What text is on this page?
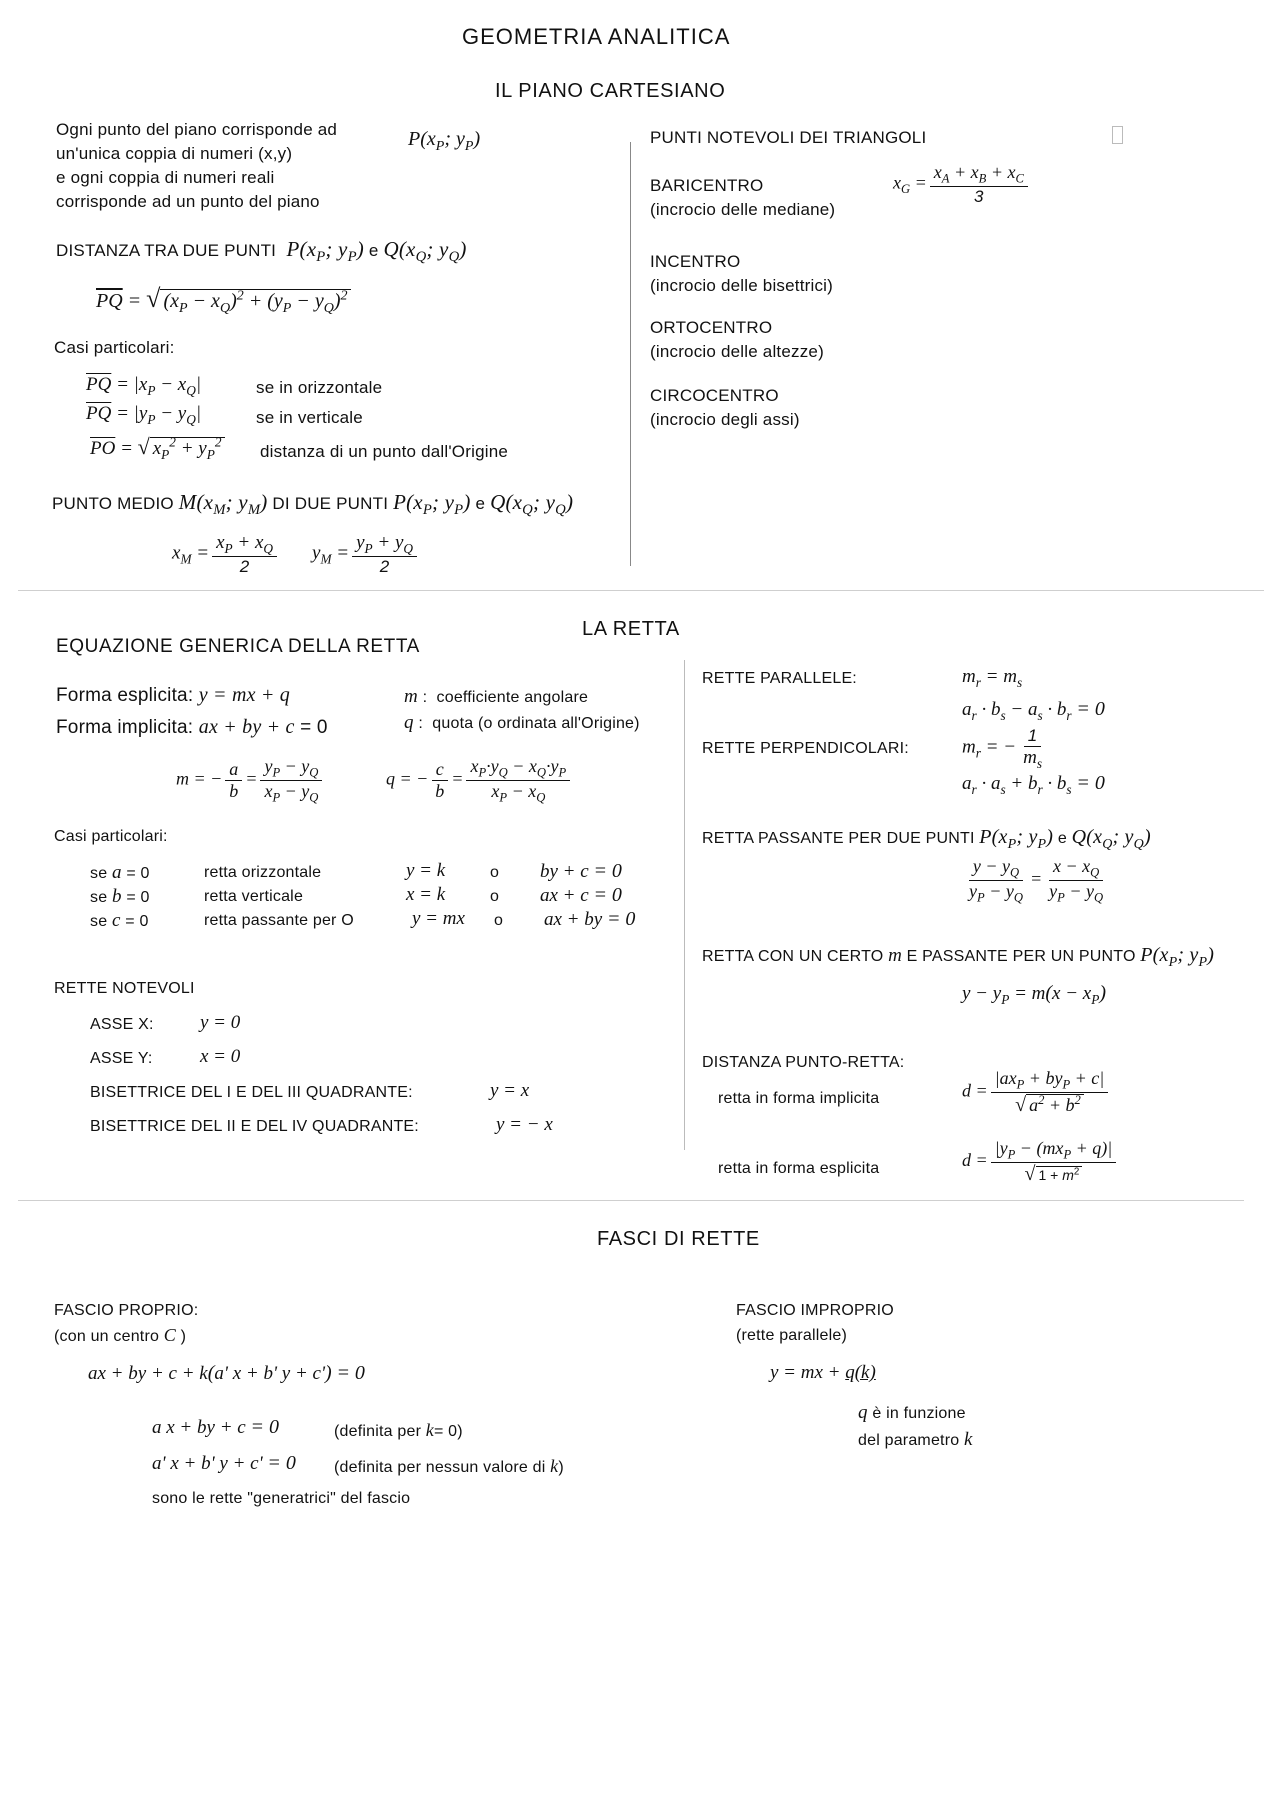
GEOMETRIA ANALITICA
IL PIANO CARTESIANO
Ogni punto del piano corrisponde ad
un'unica coppia di numeri (x,y)
e ogni coppia di numeri reali
corrisponde ad un punto del piano
$P(x_P$; $y_P$)
DISTANZA TRA DUE PUNTI  $P(x_P$; $y_P$) e $Q(x_Q$; $y_Q$)
$\overline{PQ}$ = √ $(x_P - x_Q)^2 + (y_P - y_Q)^2$
Casi particolari:
$\overline{PQ} = |x_P - x_Q|$	se in orizzontale
$\overline{PQ} = |y_P - y_Q|$	se in verticale
$\overline{PO}$ = √ $x_P^2 + y_P^2$ distanza di un punto dall'Origine
PUNTO MEDIO $M(x_M$; $y_M$) DI DUE PUNTI $P(x_P$; $y_P$) e $Q(x_Q$; $y_Q$)
$x_M = \frac{x_P + x_Q}{2} y_M = \frac{y_P + y_Q}{2}$
PUNTI NOTEVOLI DEI TRIANGOLI
BARICENTRO
(incrocio delle mediane)
$x_G = \frac{x_A + x_B + x_C}{3}$
INCENTRO
(incrocio delle bisettrici)
ORTOCENTRO
(incrocio delle altezze)
CIRCOCENTRO
(incrocio degli assi)
LA RETTA
EQUAZIONE GENERICA DELLA RETTA
Forma esplicita: y = mx + q
Forma implicita: ax + by + c = 0
m :  coefficiente angolare
q :  quota (o ordinata all'Origine)
m = − $\frac{a}{b} = \frac{y_P - y_Q}{x_P - y_Q}$	q = − $\frac{c}{b} = \frac{x_P\cdot y_Q - x_Q\cdot y_P}{x_P - x_Q}$
Casi particolari:
se a = 0	retta orizzontale	y = k	o by + c = 0
se b = 0	retta verticale	x = k	o ax + c = 0
se c = 0	retta passante per O	y = mx o ax + by = 0
RETTE NOTEVOLI
ASSE X: y = 0
ASSE Y:	x = 0
BISETTRICE DEL I E DEL III QUADRANTE:	y = x
BISETTRICE DEL II E DEL IV QUADRANTE:	y = − x
RETTE PARALLELE:	$m_r = m_s$
$a_r \cdot b_s - a_s \cdot b_r = 0$
RETTE PERPENDICOLARI:	$m_r$ = − $\frac{1}{m_s}$
$a_r \cdot a_s + b_r \cdot b_s = 0$
RETTA PASSANTE PER DUE PUNTI $P(x_P$; $y_P$) e $Q(x_Q$; $y_Q$)
$\frac{y - y_Q}{y_P - y_Q} = \frac{x - x_Q}{y_P - y_Q}$
RETTA CON UN CERTO m E PASSANTE PER UN PUNTO $P(x_P$; $y_P$)
$y - y_P = m(x - x_P)$
DISTANZA PUNTO-RETTA:
retta in forma implicita	$d = \frac{|ax_P + by_P + c|}{√ a^2 + b^2}$
retta in forma esplicita	$d = \frac{|y_P - (mx_P + q)|}{√ 1 + m^2}$
FASCI DI RETTE
FASCIO PROPRIO:
(con un centro C )
ax + by + c + k(a' x + b' y + c') = 0
a x + by + c = 0	(definita per k= 0)
a' x + b' y + c' = 0 (definita per nessun valore di k)
sono le rette "generatrici" del fascio
FASCIO IMPROPRIO
(rette parallele)
y = mx + q(k)
q è in funzione
del parametro k
